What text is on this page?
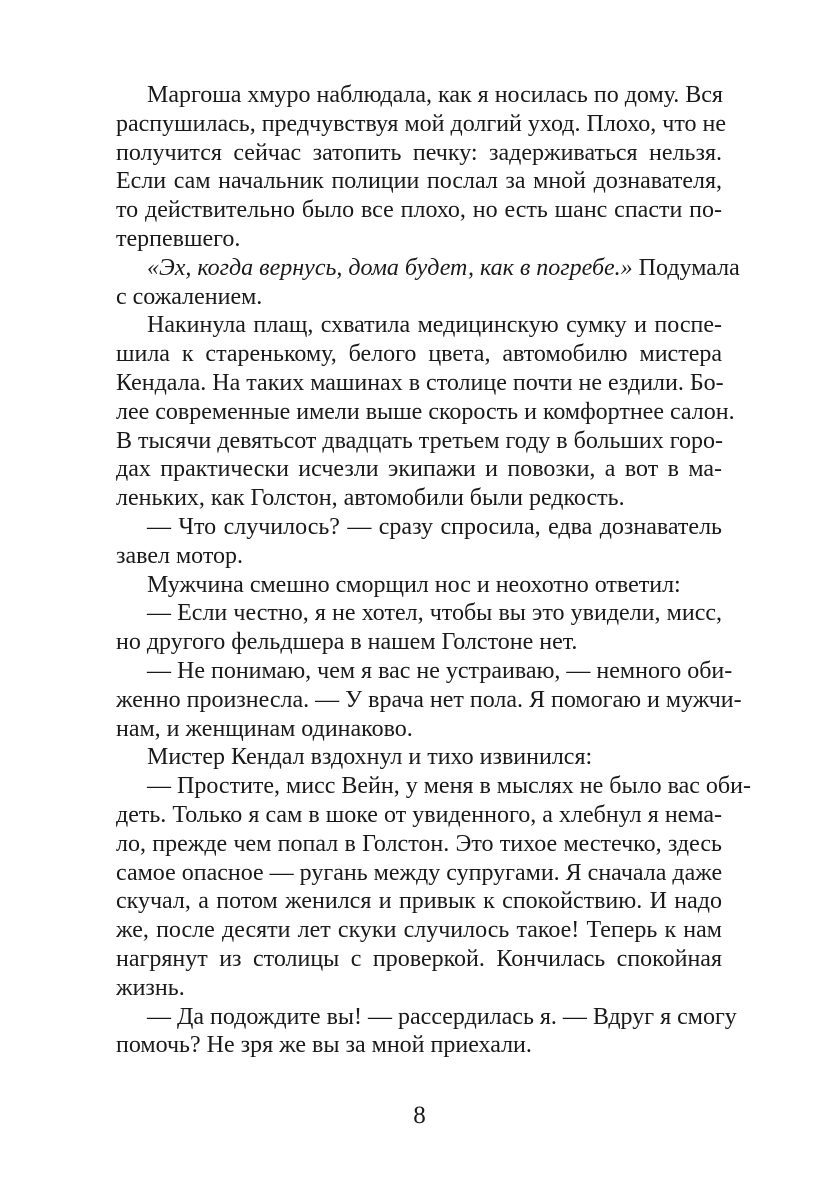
Маргоша хмуро наблюдала, как я носилась по дому. Вся
распушилась, предчувствуя мой долгий уход. Плохо, что не
получится сейчас затопить печку: задерживаться нельзя.
Если сам начальник полиции послал за мной дознавателя,
то действительно было все плохо, но есть шанс спасти по-
терпевшего.
«Эх, когда вернусь, дома будет, как в погребе.» Подумала
с сожалением.
Накинула плащ, схватила медицинскую сумку и поспе-
шила к старенькому, белого цвета, автомобилю мистера
Кендала. На таких машинах в столице почти не ездили. Бо-
лее современные имели выше скорость и комфортнее салон.
В тысячи девятьсот двадцать третьем году в больших горо-
дах практически исчезли экипажи и повозки, а вот в ма-
леньких, как Голстон, автомобили были редкость.
— Что случилось? — сразу спросила, едва дознаватель
завел мотор.
Мужчина смешно сморщил нос и неохотно ответил:
— Если честно, я не хотел, чтобы вы это увидели, мисс,
но другого фельдшера в нашем Голстоне нет.
— Не понимаю, чем я вас не устраиваю, — немного оби-
женно произнесла. — У врача нет пола. Я помогаю и мужчи-
нам, и женщинам одинаково.
Мистер Кендал вздохнул и тихо извинился:
— Простите, мисс Вейн, у меня в мыслях не было вас оби-
деть. Только я сам в шоке от увиденного, а хлебнул я нема-
ло, прежде чем попал в Голстон. Это тихое местечко, здесь
самое опасное — ругань между супругами. Я сначала даже
скучал, а потом женился и привык к спокойствию. И надо
же, после десяти лет скуки случилось такое! Теперь к нам
нагрянут из столицы с проверкой. Кончилась спокойная
жизнь.
— Да подождите вы! — рассердилась я. — Вдруг я смогу
помочь? Не зря же вы за мной приехали.
8
